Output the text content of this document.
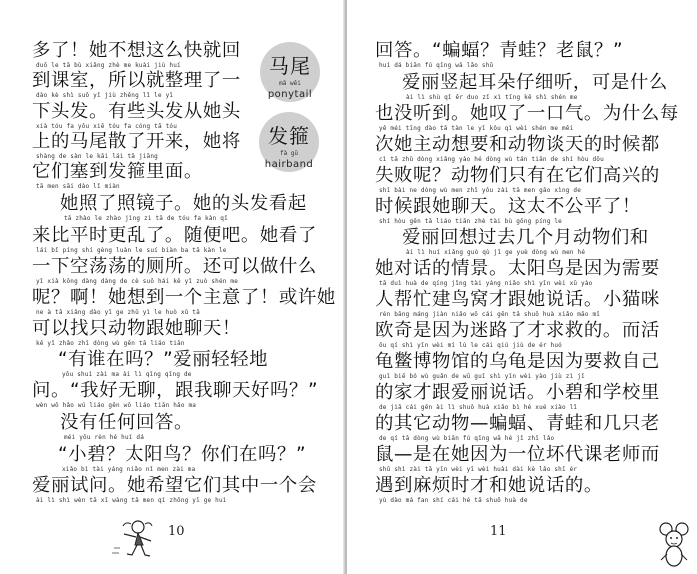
多了！她不想这么快就回
duō le tā bù xiǎng zhè me kuài jiù huí
到课室，所以就整理了一
dào kè shì suǒ yǐ jiù zhěng lǐ le yī
下头发。有些头发从她头
xià tóu fa yǒu xiē tóu fa cóng tā tóu
上的马尾散了开来，她将
shàng de sàn le kāi lái tā jiāng
它们塞到发箍里面。
tā men sāi dào lǐ miàn
她照了照镜子。她的头发看起
tā zhào le zhào jìng zi tā de tóu fa kàn qǐ
来比平时更乱了。随便吧。她看了
lái bǐ píng shí gèng luàn le suí biàn ba tā kàn le
一下空荡荡的厕所。还可以做什么
yī xià kōng dàng dàng de cè suǒ hái kě yǐ zuò shén me
呢？啊！她想到一个主意了！或许她
ne à tā xiǎng dào yī ge zhǔ yì le huò xǔ tā
可以找只动物跟她聊天！
kě yǐ zhǎo zhī dòng wù gēn tā liáo tiān
“有谁在吗？”爱丽轻轻地
yǒu shuí zài ma ài lì qīng qīng de
问。“我好无聊，跟我聊天好吗？”
wèn wǒ hǎo wú liáo gēn wǒ liáo tiān hǎo ma
没有任何回答。
méi yǒu rèn hé huí dá
“小碧？太阳鸟？你们在吗？”
xiǎo bì tài yáng niǎo nǐ men zài ma
爱丽试问。她希望它们其中一个会
ài lì shì wèn tā xī wàng tā men qí zhōng yī ge huì
马尾
mǎ wěi
ponytail
发箍
fà gū
hairband
10
回答。“蝙蝠？青蛙？老鼠？”
huí dá biān fú qīng wā lǎo shǔ
爱丽竖起耳朵仔细听，可是什么
ài lì shù qǐ ěr duo zǐ xì tīng kě shì shén me
也没听到。她叹了一口气。为什么每
yě méi tīng dào tā tàn le yī kǒu qì wèi shén me měi
次她主动想要和动物谈天的时候都
cì tā zhǔ dòng xiǎng yào hé dòng wù tán tiān de shí hòu dōu
失败呢？动物们只有在它们高兴的
shī bài ne dòng wù men zhǐ yǒu zài tā men gāo xìng de
时候跟她聊天。这太不公平了！
shí hòu gēn tā liáo tiān zhè tài bù gōng píng le
爱丽回想过去几个月动物们和
ài lì huí xiǎng guò qù jǐ ge yuè dòng wù men hé
她对话的情景。太阳鸟是因为需要
tā duì huà de qíng jǐng tài yáng niǎo shì yīn wèi xū yào
人帮忙建鸟窝才跟她说话。小猫咪
rén bāng máng jiàn niǎo wō cái gēn tā shuō huà xiǎo māo mī
欧奇是因为迷路了才求救的。而活
ōu qí shì yīn wèi mí lù le cái qiú jiù de ér huó
龟鳖博物馆的乌龟是因为要救自己
guī biē bó wù guǎn de wū guī shì yīn wèi yào jiù zì jǐ
的家才跟爱丽说话。小碧和学校里
de jiā cái gēn ài lì shuō huà xiǎo bì hé xué xiào lǐ
的其它动物—蝙蝠、青蛙和几只老
de qí tā dòng wù biān fú qīng wā hé jǐ zhī lǎo
鼠—是在她因为一位坏代课老师而
shǔ shì zài tā yīn wèi yī wèi huài dài kè lǎo shī ér
遇到麻烦时才和她说话的。
yù dào má fan shí cái hé tā shuō huà de
11
